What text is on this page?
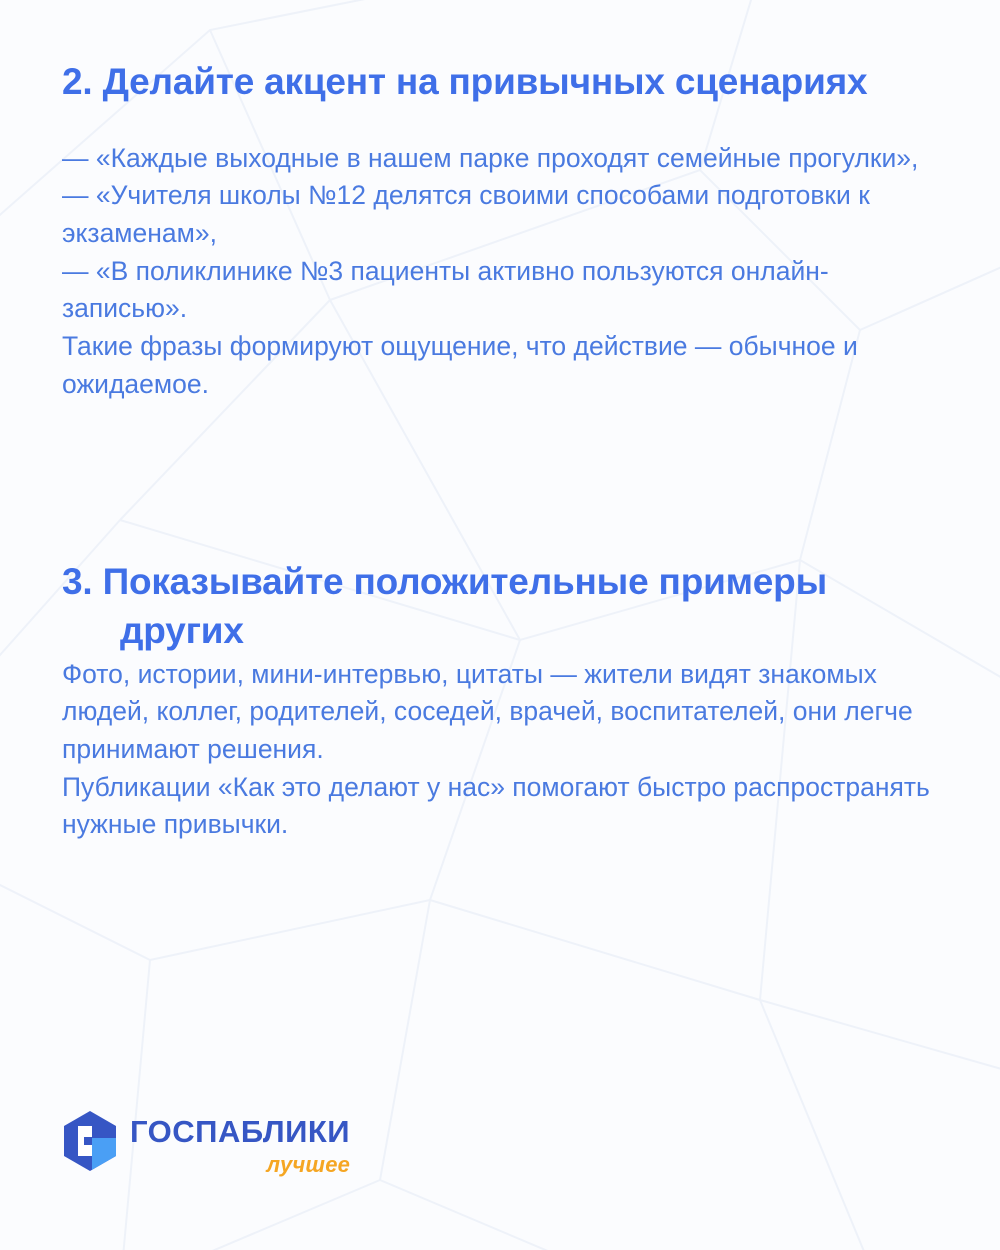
2. Делайте акцент на привычных сценариях

— «Каждые выходные в нашем парке проходят семейные прогулки»,

— «Учителя школы №12 делятся своими способами подготовки к экзаменам»,

— «В поликлинике №3 пациенты активно пользуются онлайн-записью».

Такие фразы формируют ощущение, что действие — обычное и ожидаемое.

3. Показывайте положительные примеры других

Фото, истории, мини-интервью, цитаты — жители видят знакомых людей, коллег, родителей, соседей, врачей, воспитателей, они легче принимают решения.

Публикации «Как это делают у нас» помогают быстро распространять нужные привычки.

ГОСПАБЛИКИ
лучшее
